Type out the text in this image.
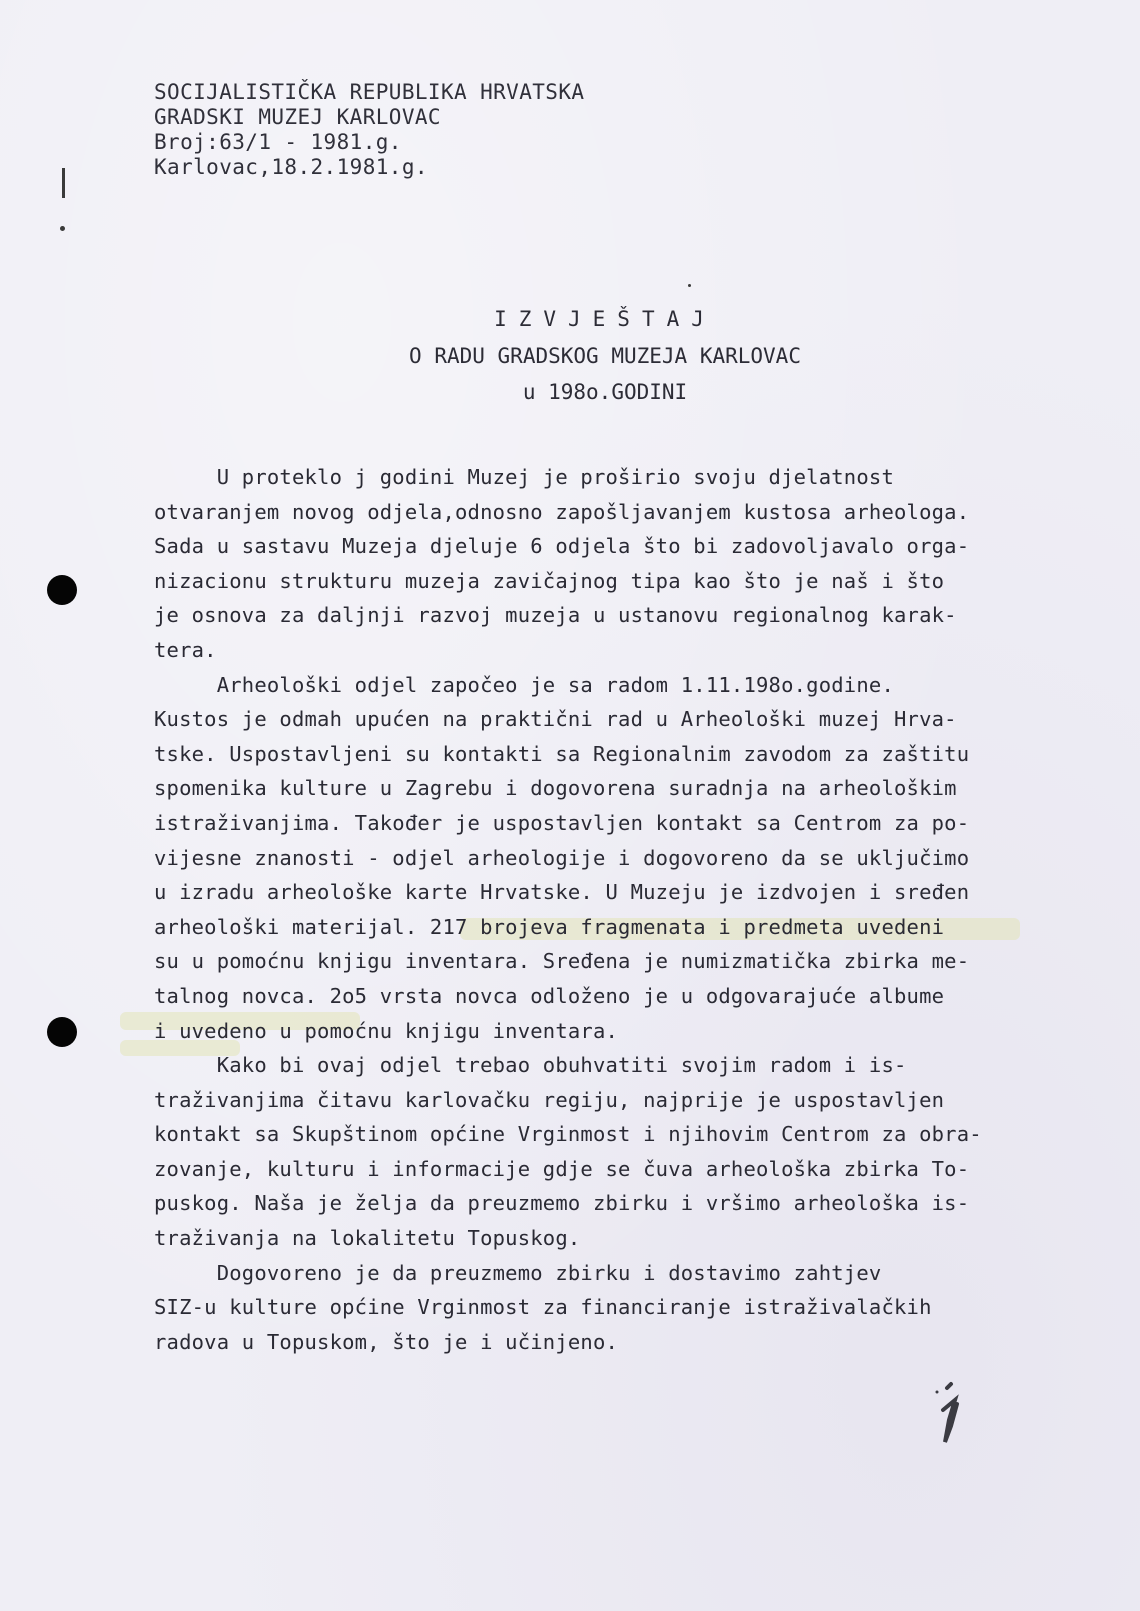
SOCIJALISTIČKA REPUBLIKA HRVATSKA
GRADSKI MUZEJ KARLOVAC
Broj:63/1 - 1981.g.
Karlovac,18.2.1981.g.
IZVJEŠTAJ
O RADU GRADSKOG MUZEJA KARLOVAC
u 198o.GODINI
U proteklo j godini Muzej je proširio svoju djelatnost
otvaranjem novog odjela,odnosno zapošljavanjem kustosa arheologa.
Sada u sastavu Muzeja djeluje 6 odjela što bi zadovoljavalo orga-
nizacionu strukturu muzeja zavičajnog tipa kao što je naš i što
je osnova za daljnji razvoj muzeja u ustanovu regionalnog karak-
tera.
Arheološki odjel započeo je sa radom 1.11.198o.godine.
Kustos je odmah upućen na praktični rad u Arheološki muzej Hrva-
tske. Uspostavljeni su kontakti sa Regionalnim zavodom za zaštitu
spomenika kulture u Zagrebu i dogovorena suradnja na arheološkim
istraživanjima. Također je uspostavljen kontakt sa Centrom za po-
vijesne znanosti - odjel arheologije i dogovoreno da se uključimo
u izradu arheološke karte Hrvatske. U Muzeju je izdvojen i sređen
arheološki materijal. 217 brojeva fragmenata i predmeta uvedeni
su u pomoćnu knjigu inventara. Sređena je numizmatička zbirka me-
talnog novca. 2o5 vrsta novca odloženo je u odgovarajuće albume
i uvedeno u pomoćnu knjigu inventara.
Kako bi ovaj odjel trebao obuhvatiti svojim radom i is-
traživanjima čitavu karlovačku regiju, najprije je uspostavljen
kontakt sa Skupštinom općine Vrginmost i njihovim Centrom za obra-
zovanje, kulturu i informacije gdje se čuva arheološka zbirka To-
puskog. Naša je želja da preuzmemo zbirku i vršimo arheološka is-
traživanja na lokalitetu Topuskog.
Dogovoreno je da preuzmemo zbirku i dostavimo zahtjev
SIZ-u kulture općine Vrginmost za financiranje istraživalačkih
radova u Topuskom, što je i učinjeno.
